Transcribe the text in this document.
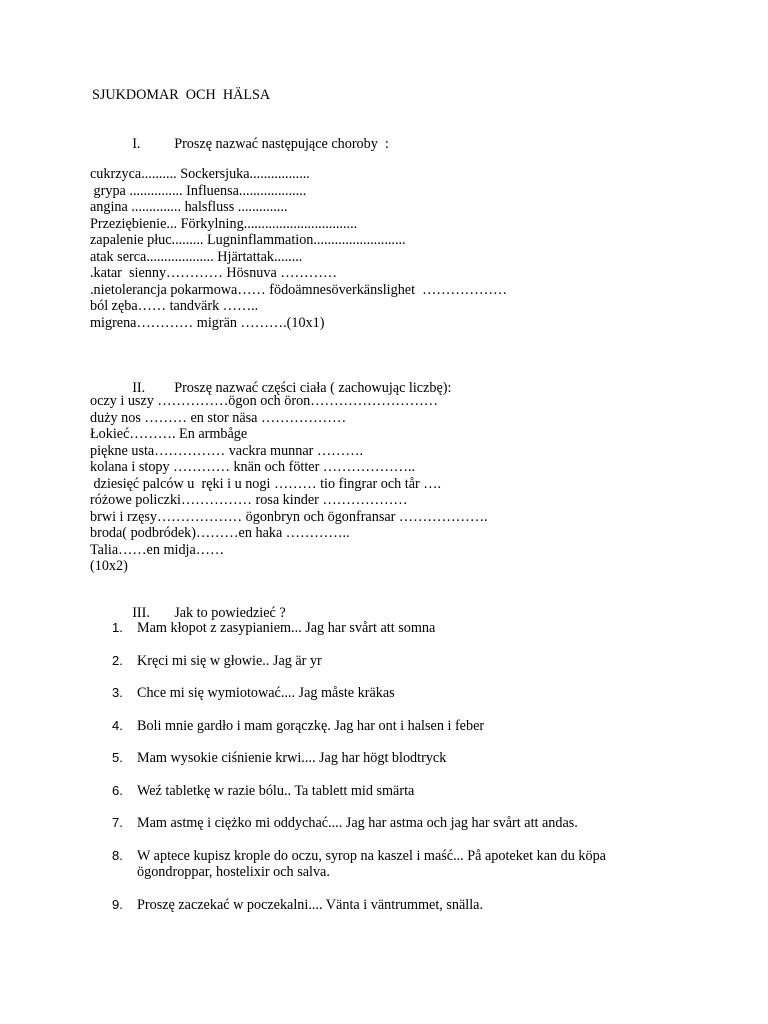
SJUKDOMAR  OCH  HÄLSA

I. Proszę nazwać następujące choroby  :

cukrzyca.......... Sockersjuka.................
grypa ............... Influensa...................
angina .............. halsfluss ..............
Przeziębienie... Förkylning................................
zapalenie płuc......... Lugninflammation..........................
atak serca................... Hjärtattak........
.katar  sienny………… Hösnuva …………
.nietolerancja pokarmowa…… födoämnesöverkänslighet  ………………
ból zęba…… tandvärk ……..
migrena………… migrän ……….(10x1)

II. Proszę nazwać części ciała ( zachowując liczbę):

oczy i uszy ……………ögon och öron………………………
duży nos ……… en stor näsa ………………
Łokieć………. En armbåge
piękne usta…………… vackra munnar ……….
kolana i stopy ………… knän och fötter ………………..
dziesięć palców u  ręki i u nogi ……… tio fingrar och tår ….
różowe policzki…………… rosa kinder ………………
brwi i rzęsy……………… ögonbryn och ögonfransar ……………….
broda( podbródek)………en haka …………..
Talia……en midja……
(10x2)

III. Jak to powiedzieć ?

1. Mam kłopot z zasypianiem... Jag har svårt att somna
2. Kręci mi się w głowie.. Jag är yr
3. Chce mi się wymiotować.... Jag måste kräkas
4. Boli mnie gardło i mam gorączkę. Jag har ont i halsen i feber
5. Mam wysokie ciśnienie krwi.... Jag har högt blodtryck
6. Weź tabletkę w razie bólu.. Ta tablett mid smärta
7. Mam astmę i ciężko mi oddychać.... Jag har astma och jag har svårt att andas.
8. W aptece kupisz krople do oczu, syrop na kaszel i maść... På apoteket kan du köpa ögondroppar, hostelixir och salva.
9. Proszę zaczekać w poczekalni.... Vänta i väntrummet, snälla.
